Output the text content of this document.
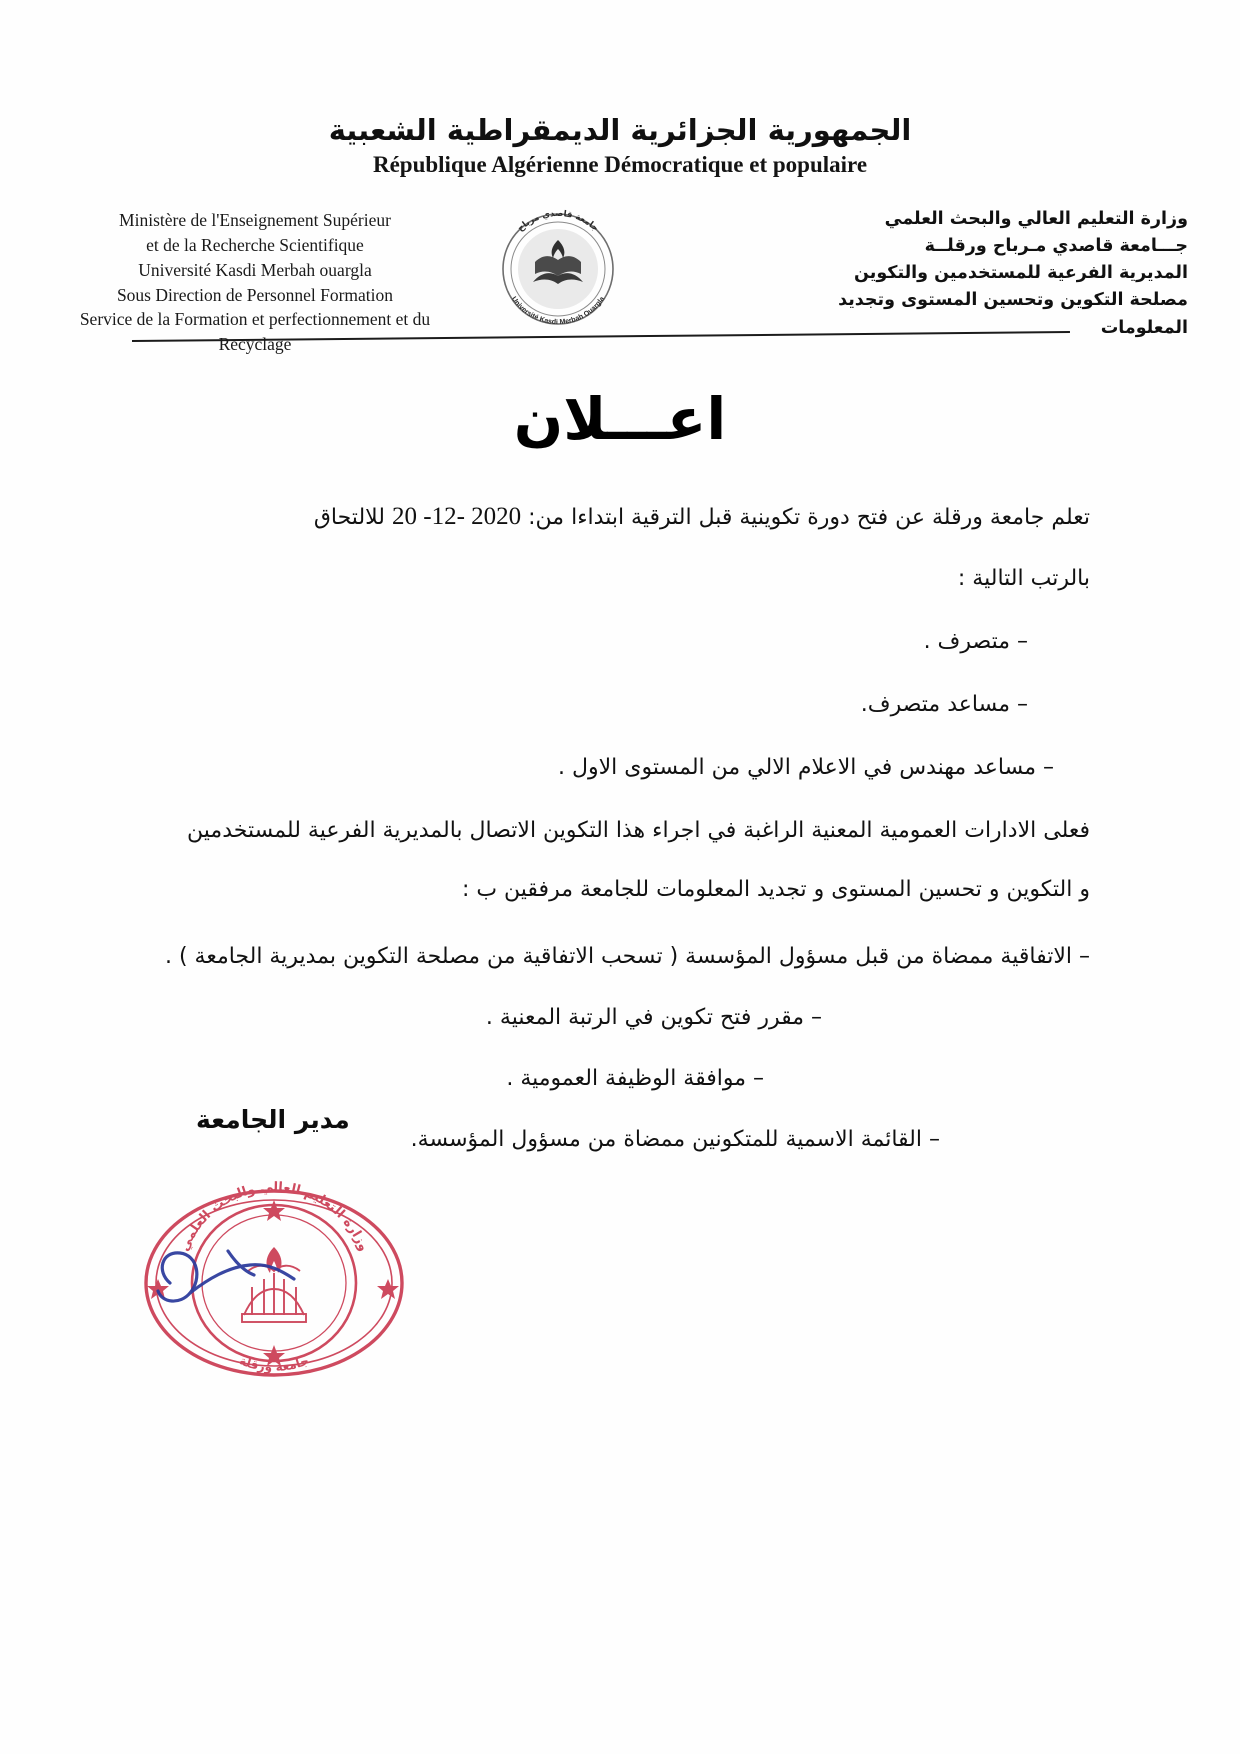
الجمهورية الجزائرية الديمقراطية الشعبية
République Algérienne Démocratique et populaire
Ministère de l'Enseignement Supérieur
et de la Recherche Scientifique
Université Kasdi Merbah ouargla
Sous Direction de Personnel Formation
Service de la Formation et perfectionnement et du Recyclage
وزارة التعليم العالي والبحث العلمي
جـــامعة قاصدي مـرباح ورقلــة
المديرية الفرعية للمستخدمين والتكوين
مصلحة التكوين وتحسين المستوى وتجديد المعلومات
جامعة قاصدي مرباح
Université Kasdi Merbah Ouargla
اعـــلان

تعلم جامعة ورقلة عن فتح دورة تكوينية قبل الترقية ابتداءا من: 2020 -12- 20 للالتحاق

بالرتب التالية :

– متصرف .

– مساعد متصرف.

– مساعد مهندس في الاعلام الالي من المستوى الاول .

فعلى الادارات العمومية المعنية الراغبة في اجراء هذا التكوين الاتصال بالمديرية الفرعية للمستخدمين

و التكوين و تحسين المستوى و تجديد المعلومات للجامعة مرفقين ب :

– الاتفاقية ممضاة من قبل مسؤول المؤسسة ( تسحب الاتفاقية من مصلحة التكوين بمديرية الجامعة ) .

– مقرر فتح تكوين في الرتبة المعنية .

– موافقة الوظيفة العمومية .

– القائمة الاسمية للمتكونين ممضاة من مسؤول المؤسسة.

مدير الجامعة
وزارة التعليم العالي والبحث العلمي
جامعة ورقلة
